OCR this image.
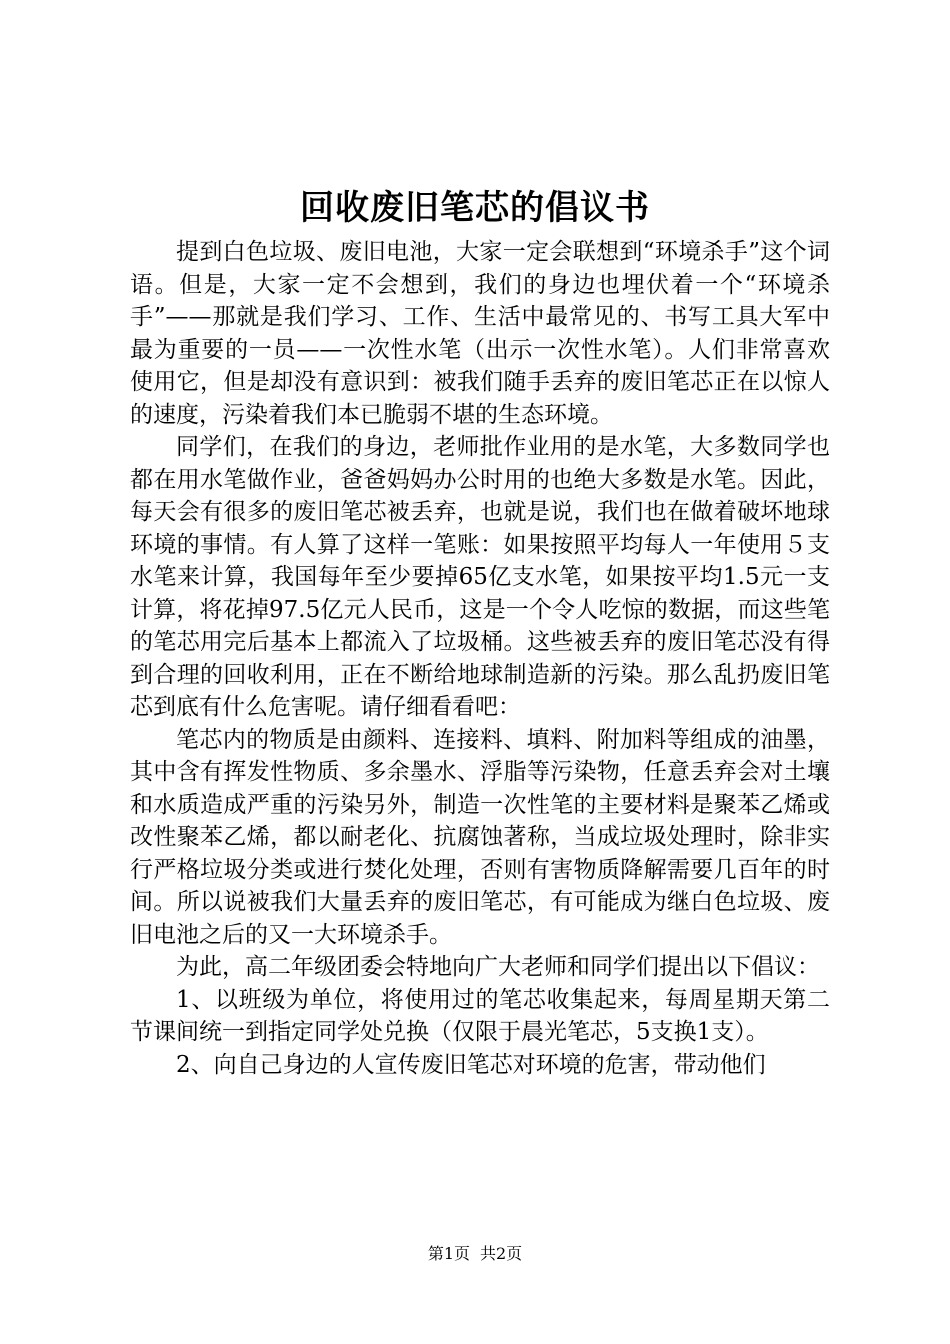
回收废旧笔芯的倡议书

提到白色垃圾、废旧电池，大家一定会联想到“环境杀手”这个词语。但是，大家一定不会想到，我们的身边也埋伏着一个“环境杀手”——那就是我们学习、工作、生活中最常见的、书写工具大军中最为重要的一员——一次性水笔（出示一次性水笔）。人们非常喜欢使用它，但是却没有意识到：被我们随手丢弃的废旧笔芯正在以惊人的速度，污染着我们本已脆弱不堪的生态环境。

同学们，在我们的身边，老师批作业用的是水笔，大多数同学也都在用水笔做作业，爸爸妈妈办公时用的也绝大多数是水笔。因此，每天会有很多的废旧笔芯被丢弃，也就是说，我们也在做着破坏地球环境的事情。有人算了这样一笔账：如果按照平均每人一年使用５支水笔来计算，我国每年至少要掉65亿支水笔，如果按平均1.5元一支计算，将花掉97.5亿元人民币，这是一个令人吃惊的数据，而这些笔的笔芯用完后基本上都流入了垃圾桶。这些被丢弃的废旧笔芯没有得到合理的回收利用，正在不断给地球制造新的污染。那么乱扔废旧笔芯到底有什么危害呢。请仔细看看吧：

笔芯内的物质是由颜料、连接料、填料、附加料等组成的油墨，其中含有挥发性物质、多余墨水、浮脂等污染物，任意丢弃会对土壤和水质造成严重的污染另外，制造一次性笔的主要材料是聚苯乙烯或改性聚苯乙烯，都以耐老化、抗腐蚀著称，当成垃圾处理时，除非实行严格垃圾分类或进行焚化处理，否则有害物质降解需要几百年的时间。所以说被我们大量丢弃的废旧笔芯，有可能成为继白色垃圾、废旧电池之后的又一大环境杀手。

为此，高二年级团委会特地向广大老师和同学们提出以下倡议：

1、以班级为单位，将使用过的笔芯收集起来，每周星期天第二节课间统一到指定同学处兑换（仅限于晨光笔芯，5支换1支）。

2、向自己身边的人宣传废旧笔芯对环境的危害，带动他们

第1页 共2页
